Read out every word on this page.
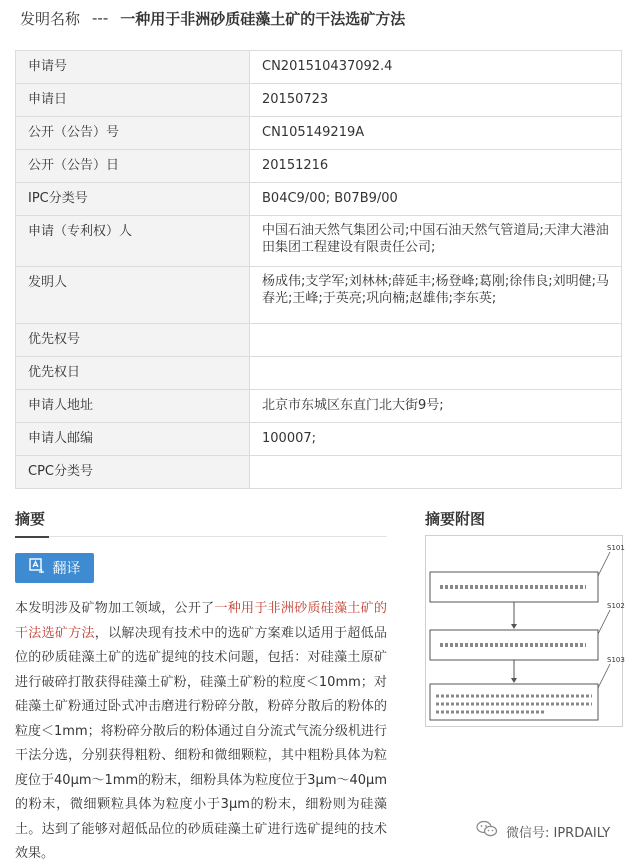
发明名称 --- 一种用于非洲砂质硅藻土矿的干法选矿方法
申请号	CN201510437092.4
申请日	20150723
公开（公告）号	CN105149219A
公开（公告）日	20151216
IPC分类号	B04C9/00; B07B9/00
申请（专利权）人	中国石油天然气集团公司;中国石油天然气管道局;天津大港油田集团工程建设有限责任公司;
发明人	杨成伟;支学军;刘林林;薛延丰;杨登峰;葛刚;徐伟良;刘明健;马春光;王峰;于英亮;巩向楠;赵雄伟;李东英;
优先权号	
优先权日	
申请人地址	北京市东城区东直门北大街9号;
申请人邮编	100007;
CPC分类号	
摘要
翻译
本发明涉及矿物加工领域，公开了一种用于非洲砂质硅藻土矿的干法选矿方法，以解决现有技术中的选矿方案难以适用于超低品位的砂质硅藻土矿的选矿提纯的技术问题，包括：对硅藻土原矿进行破碎打散获得硅藻土矿粉，硅藻土矿粉的粒度＜10mm；对硅藻土矿粉通过卧式冲击磨进行粉碎分散，粉碎分散后的粉体的粒度＜1mm；将粉碎分散后的粉体通过自分流式气流分级机进行干法分选，分别获得粗粉、细粉和微细颗粒，其中粗粉具体为粒度位于40μm～1mm的粉末，细粉具体为粒度位于3μm～40μm的粉末，微细颗粒具体为粒度小于3μm的粉末，细粉则为硅藻土。达到了能够对超低品位的砂质硅藻土矿进行选矿提纯的技术效果。
摘要附图
S101
S102
S103
微信号: IPRDAILY
